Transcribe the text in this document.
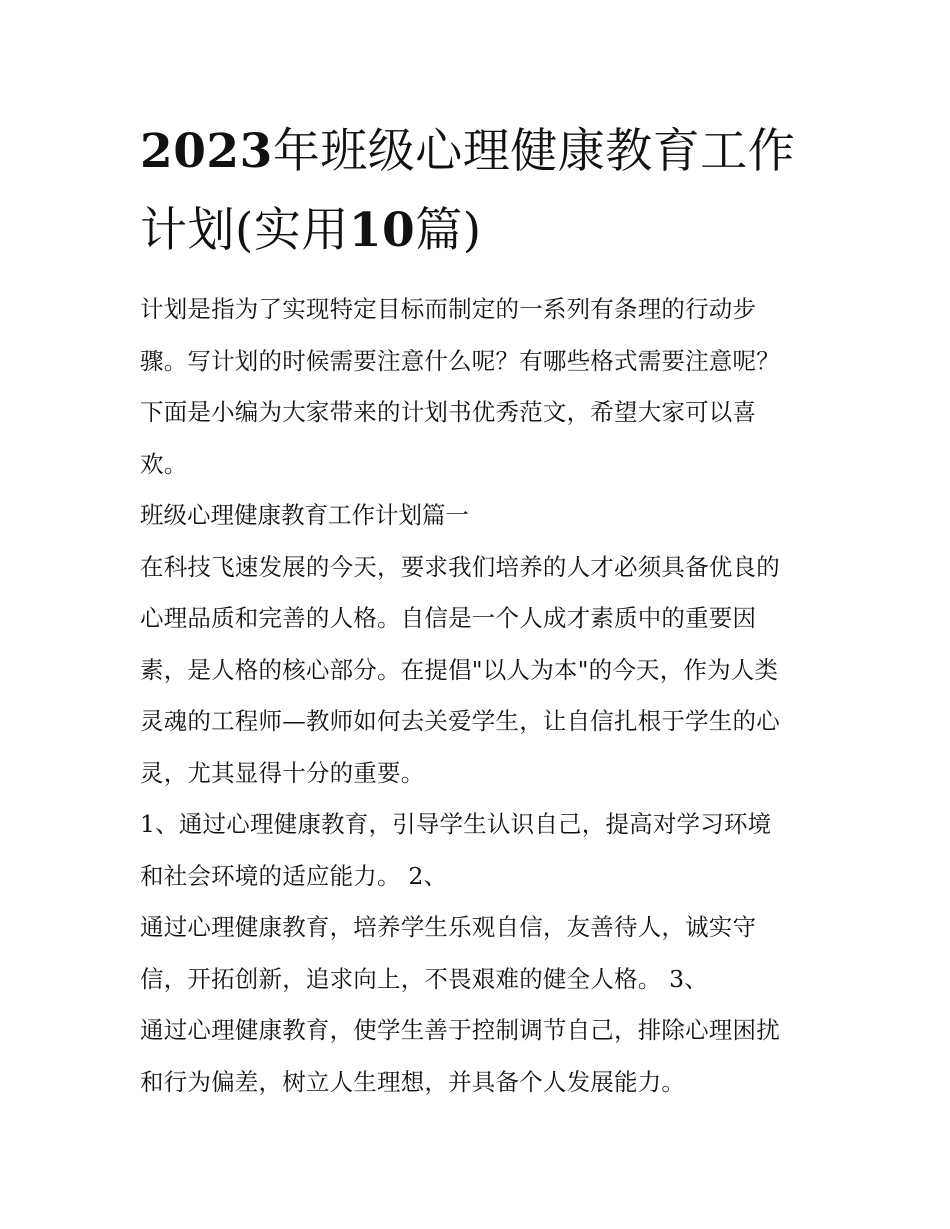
2023年班级心理健康教育工作
计划(实用10篇)

计划是指为了实现特定目标而制定的一系列有条理的行动步

骤。写计划的时候需要注意什么呢？有哪些格式需要注意呢？

下面是小编为大家带来的计划书优秀范文，希望大家可以喜

欢。

班级心理健康教育工作计划篇一

在科技飞速发展的今天，要求我们培养的人才必须具备优良的

心理品质和完善的人格。自信是一个人成才素质中的重要因

素，是人格的核心部分。在提倡"以人为本"的今天，作为人类

灵魂的工程师—教师如何去关爱学生，让自信扎根于学生的心

灵，尤其显得十分的重要。

1、通过心理健康教育，引导学生认识自己，提高对学习环境

和社会环境的适应能力。 2、

通过心理健康教育，培养学生乐观自信，友善待人，诚实守

信，开拓创新，追求向上，不畏艰难的健全人格。 3、

通过心理健康教育，使学生善于控制调节自己，排除心理困扰

和行为偏差，树立人生理想，并具备个人发展能力。
